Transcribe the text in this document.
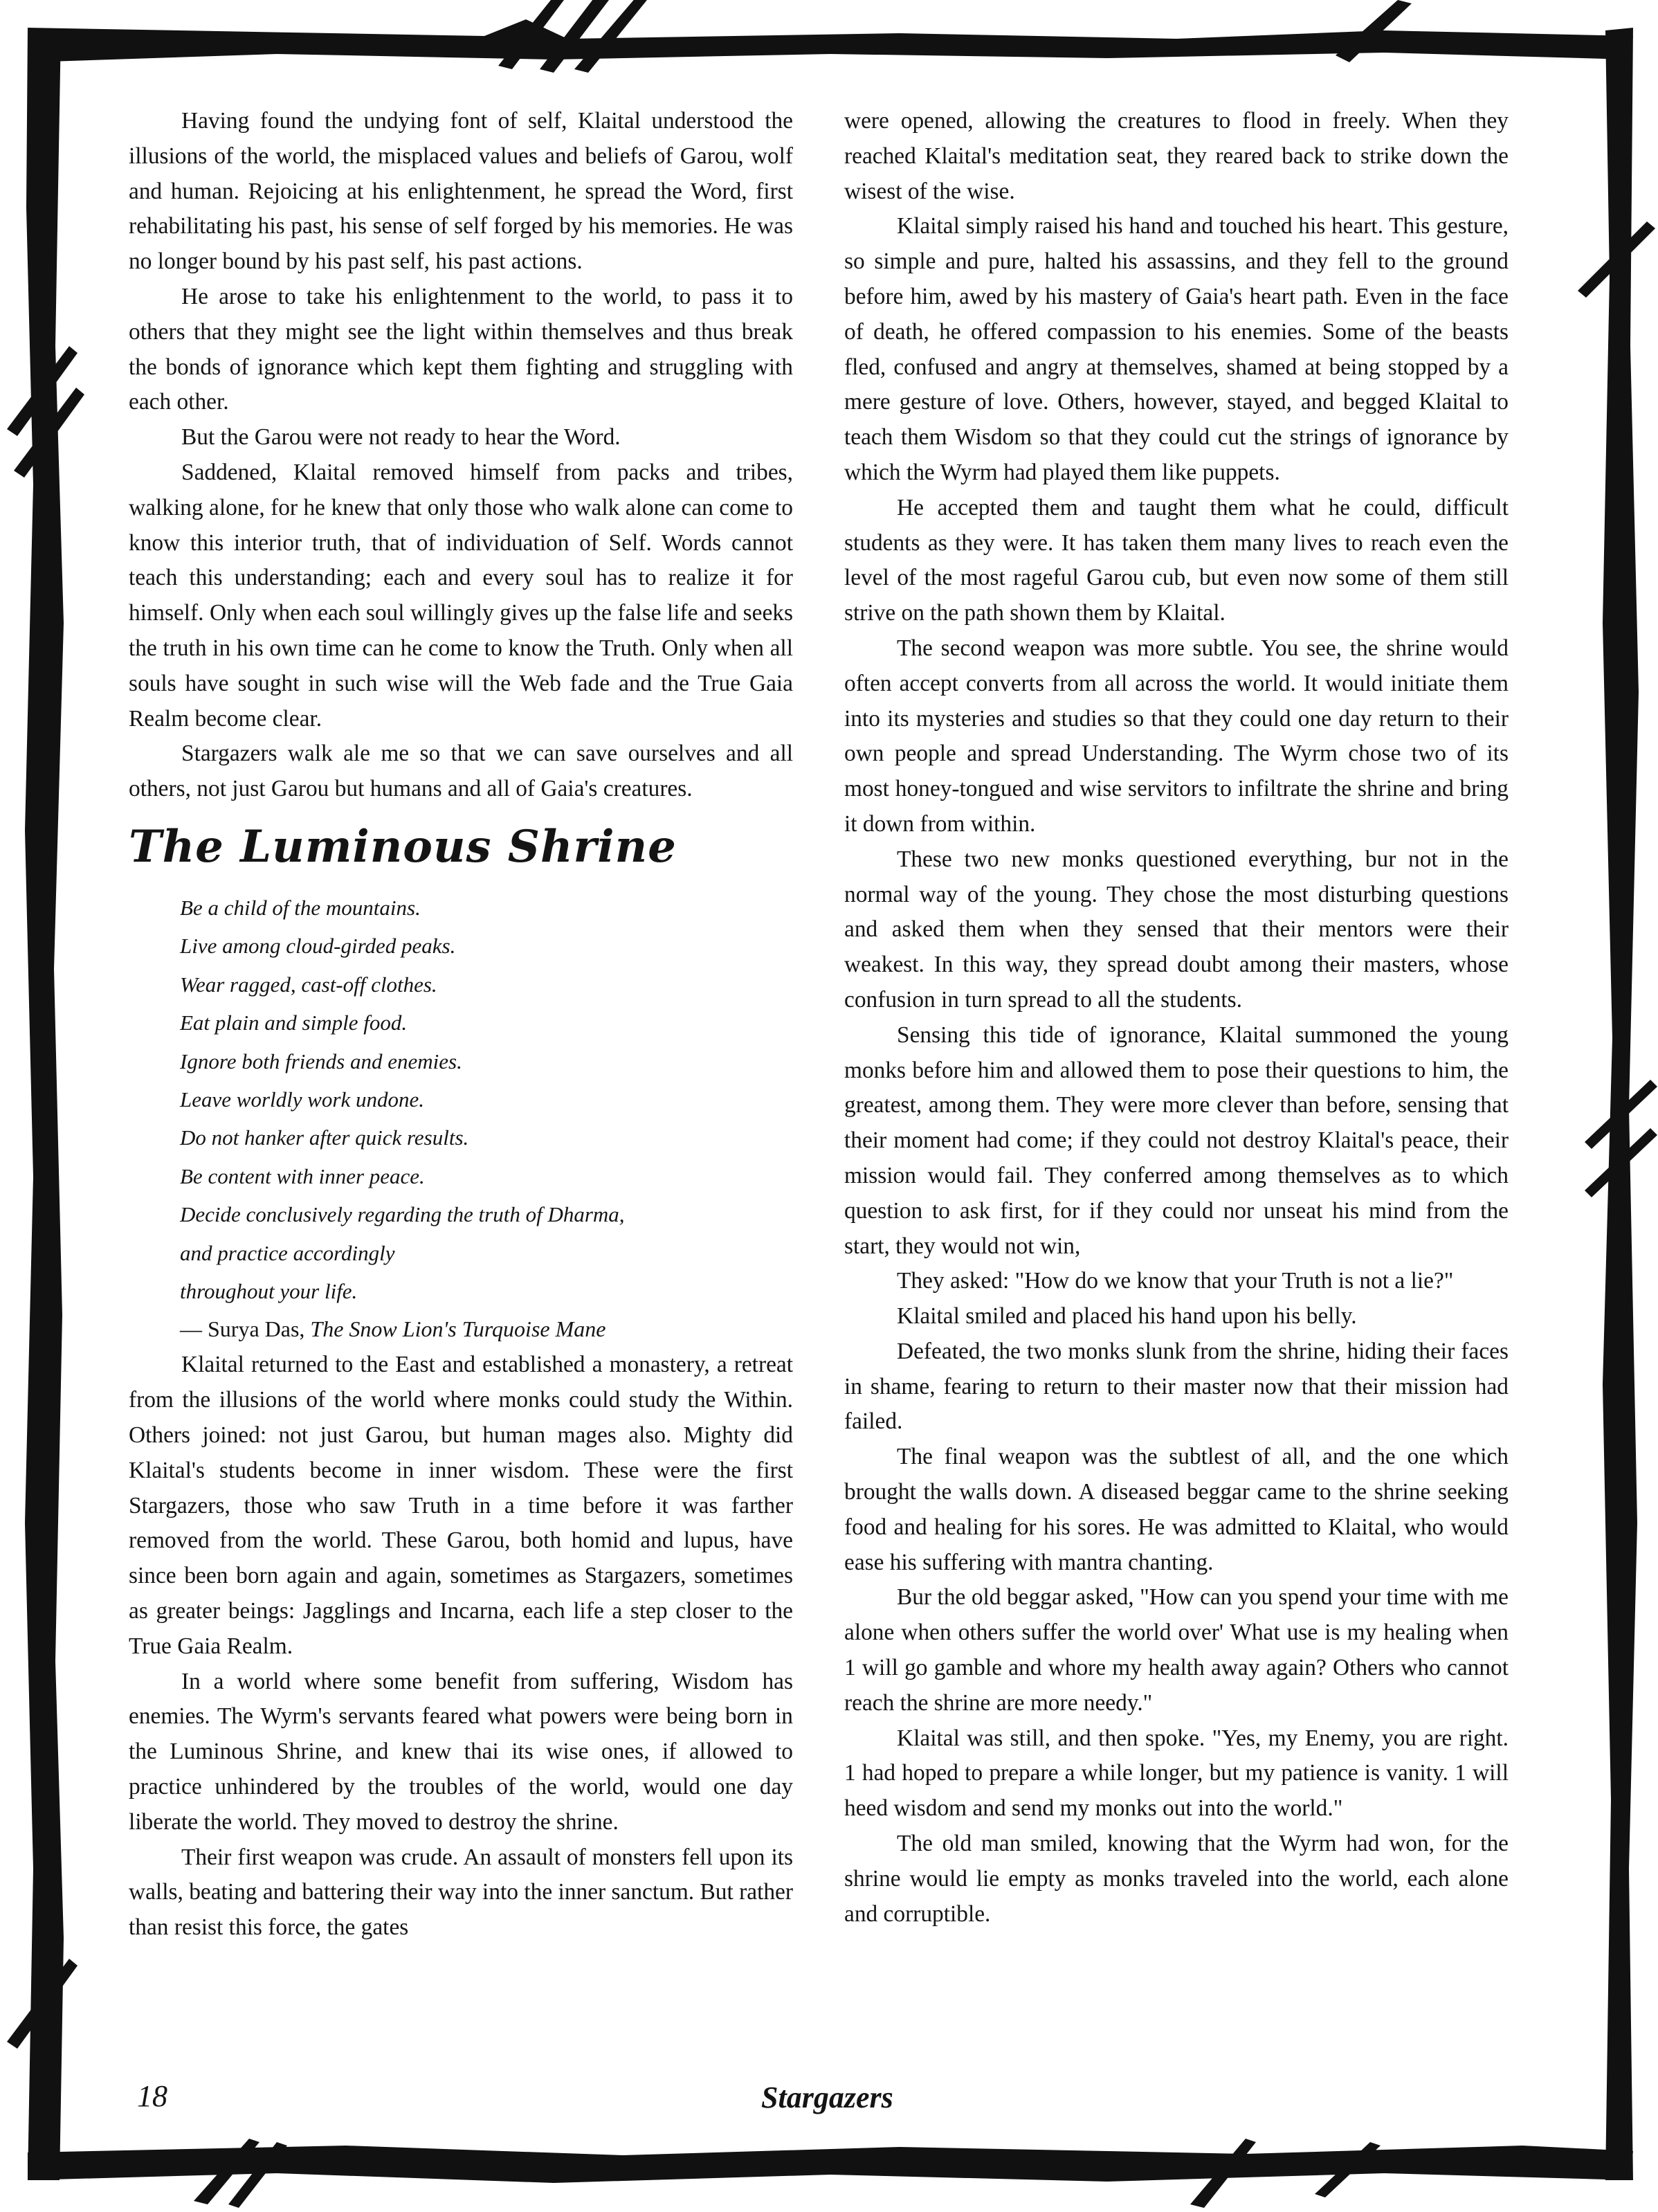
Having found the undying font of self, Klaital understood the illusions of the world, the misplaced values and beliefs of Garou, wolf and human. Rejoicing at his enlightenment, he spread the Word, first rehabilitating his past, his sense of self forged by his memories. He was no longer bound by his past self, his past actions.

He arose to take his enlightenment to the world, to pass it to others that they might see the light within themselves and thus break the bonds of ignorance which kept them fighting and struggling with each other.

But the Garou were not ready to hear the Word.

Saddened, Klaital removed himself from packs and tribes, walking alone, for he knew that only those who walk alone can come to know this interior truth, that of individuation of Self. Words cannot teach this understanding; each and every soul has to realize it for himself. Only when each soul willingly gives up the false life and seeks the truth in his own time can he come to know the Truth. Only when all souls have sought in such wise will the Web fade and the True Gaia Realm become clear.

Stargazers walk ale me so that we can save ourselves and all others, not just Garou but humans and all of Gaia's creatures.

The Luminous Shrine
Be a child of the mountains.
Live among cloud-girded peaks.
Wear ragged, cast-off clothes.
Eat plain and simple food.
Ignore both friends and enemies.
Leave worldly work undone.
Do not hanker after quick results.
Be content with inner peace.
Decide conclusively regarding the truth of Dharma,
and practice accordingly
throughout your life.
— Surya Das, The Snow Lion's Turquoise Mane

Klaital returned to the East and established a monastery, a retreat from the illusions of the world where monks could study the Within. Others joined: not just Garou, but human mages also. Mighty did Klaital's students become in inner wisdom. These were the first Stargazers, those who saw Truth in a time before it was farther removed from the world. These Garou, both homid and lupus, have since been born again and again, sometimes as Stargazers, sometimes as greater beings: Jagglings and Incarna, each life a step closer to the True Gaia Realm.

In a world where some benefit from suffering, Wisdom has enemies. The Wyrm's servants feared what powers were being born in the Luminous Shrine, and knew thai its wise ones, if allowed to practice unhindered by the troubles of the world, would one day liberate the world. They moved to destroy the shrine.

Their first weapon was crude. An assault of monsters fell upon its walls, beating and battering their way into the inner sanctum. But rather than resist this force, the gates

were opened, allowing the creatures to flood in freely. When they reached Klaital's meditation seat, they reared back to strike down the wisest of the wise.

Klaital simply raised his hand and touched his heart. This gesture, so simple and pure, halted his assassins, and they fell to the ground before him, awed by his mastery of Gaia's heart path. Even in the face of death, he offered compassion to his enemies. Some of the beasts fled, confused and angry at themselves, shamed at being stopped by a mere gesture of love. Others, however, stayed, and begged Klaital to teach them Wisdom so that they could cut the strings of ignorance by which the Wyrm had played them like puppets.

He accepted them and taught them what he could, difficult students as they were. It has taken them many lives to reach even the level of the most rageful Garou cub, but even now some of them still strive on the path shown them by Klaital.

The second weapon was more subtle. You see, the shrine would often accept converts from all across the world. It would initiate them into its mysteries and studies so that they could one day return to their own people and spread Understanding. The Wyrm chose two of its most honey-tongued and wise servitors to infiltrate the shrine and bring it down from within.

These two new monks questioned everything, bur not in the normal way of the young. They chose the most disturbing questions and asked them when they sensed that their mentors were their weakest. In this way, they spread doubt among their masters, whose confusion in turn spread to all the students.

Sensing this tide of ignorance, Klaital summoned the young monks before him and allowed them to pose their questions to him, the greatest, among them. They were more clever than before, sensing that their moment had come; if they could not destroy Klaital's peace, their mission would fail. They conferred among themselves as to which question to ask first, for if they could nor unseat his mind from the start, they would not win,

They asked: "How do we know that your Truth is not a lie?"

Klaital smiled and placed his hand upon his belly.

Defeated, the two monks slunk from the shrine, hiding their faces in shame, fearing to return to their master now that their mission had failed.

The final weapon was the subtlest of all, and the one which brought the walls down. A diseased beggar came to the shrine seeking food and healing for his sores. He was admitted to Klaital, who would ease his suffering with mantra chanting.

Bur the old beggar asked, "How can you spend your time with me alone when others suffer the world over' What use is my healing when 1 will go gamble and whore my health away again? Others who cannot reach the shrine are more needy."

Klaital was still, and then spoke. "Yes, my Enemy, you are right. 1 had hoped to prepare a while longer, but my patience is vanity. 1 will heed wisdom and send my monks out into the world."

The old man smiled, knowing that the Wyrm had won, for the shrine would lie empty as monks traveled into the world, each alone and corruptible.

18	Stargazers
